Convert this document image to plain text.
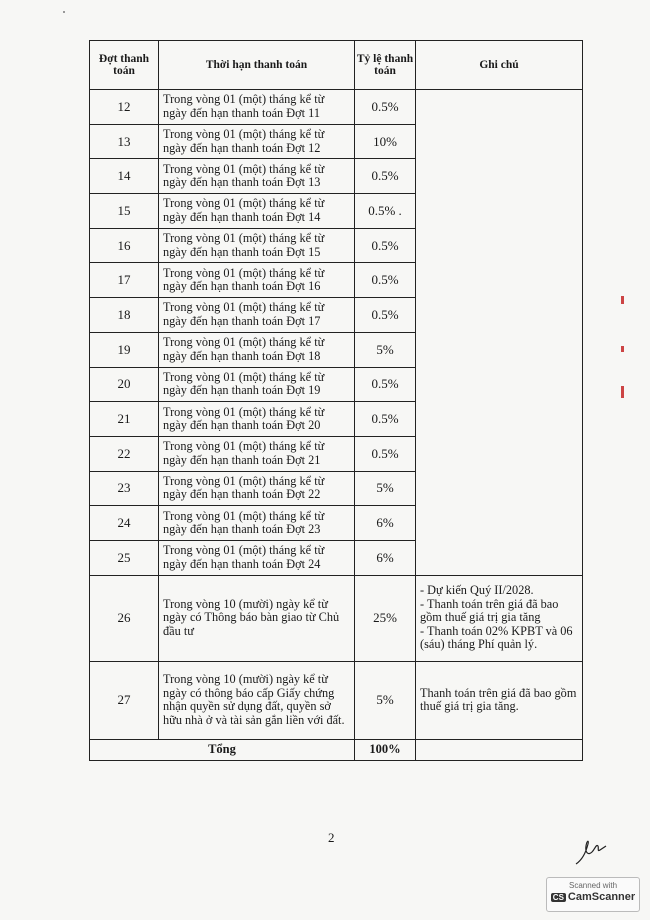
Đợt thanh toán	Thời hạn thanh toán	Tỷ lệ thanh toán	Ghi chú
12	Trong vòng 01 (một) tháng kể từ ngày đến hạn thanh toán Đợt 11	0.5%	
13	Trong vòng 01 (một) tháng kể từ ngày đến hạn thanh toán Đợt 12	10%	
14	Trong vòng 01 (một) tháng kể từ ngày đến hạn thanh toán Đợt 13	0.5%	
15	Trong vòng 01 (một) tháng kể từ ngày đến hạn thanh toán Đợt 14	0.5% .	
16	Trong vòng 01 (một) tháng kể từ ngày đến hạn thanh toán Đợt 15	0.5%	
17	Trong vòng 01 (một) tháng kể từ ngày đến hạn thanh toán Đợt 16	0.5%	
18	Trong vòng 01 (một) tháng kể từ ngày đến hạn thanh toán Đợt 17	0.5%	
19	Trong vòng 01 (một) tháng kể từ ngày đến hạn thanh toán Đợt 18	5%	
20	Trong vòng 01 (một) tháng kể từ ngày đến hạn thanh toán Đợt 19	0.5%	
21	Trong vòng 01 (một) tháng kể từ ngày đến hạn thanh toán Đợt 20	0.5%	
22	Trong vòng 01 (một) tháng kể từ ngày đến hạn thanh toán Đợt 21	0.5%	
23	Trong vòng 01 (một) tháng kể từ ngày đến hạn thanh toán Đợt 22	5%	
24	Trong vòng 01 (một) tháng kể từ ngày đến hạn thanh toán Đợt 23	6%	
25	Trong vòng 01 (một) tháng kể từ ngày đến hạn thanh toán Đợt 24	6%	
26	Trong vòng 10 (mười) ngày kể từ ngày có Thông báo bàn giao từ Chủ đầu tư	25%	- Dự kiến Quý II/2028.
- Thanh toán trên giá đã bao gồm thuế giá trị gia tăng
- Thanh toán 02% KPBT và 06 (sáu) tháng Phí quản lý.

27	Trong vòng 10 (mười) ngày kể từ ngày có thông báo cấp Giấy chứng nhận quyền sử dụng đất, quyền sở hữu nhà ở và tài sản gắn liền với đất.	5%	Thanh toán trên giá đã bao gồm thuế giá trị gia tăng.
Tổng		100%	
2
Scanned with
CS CamScanner
